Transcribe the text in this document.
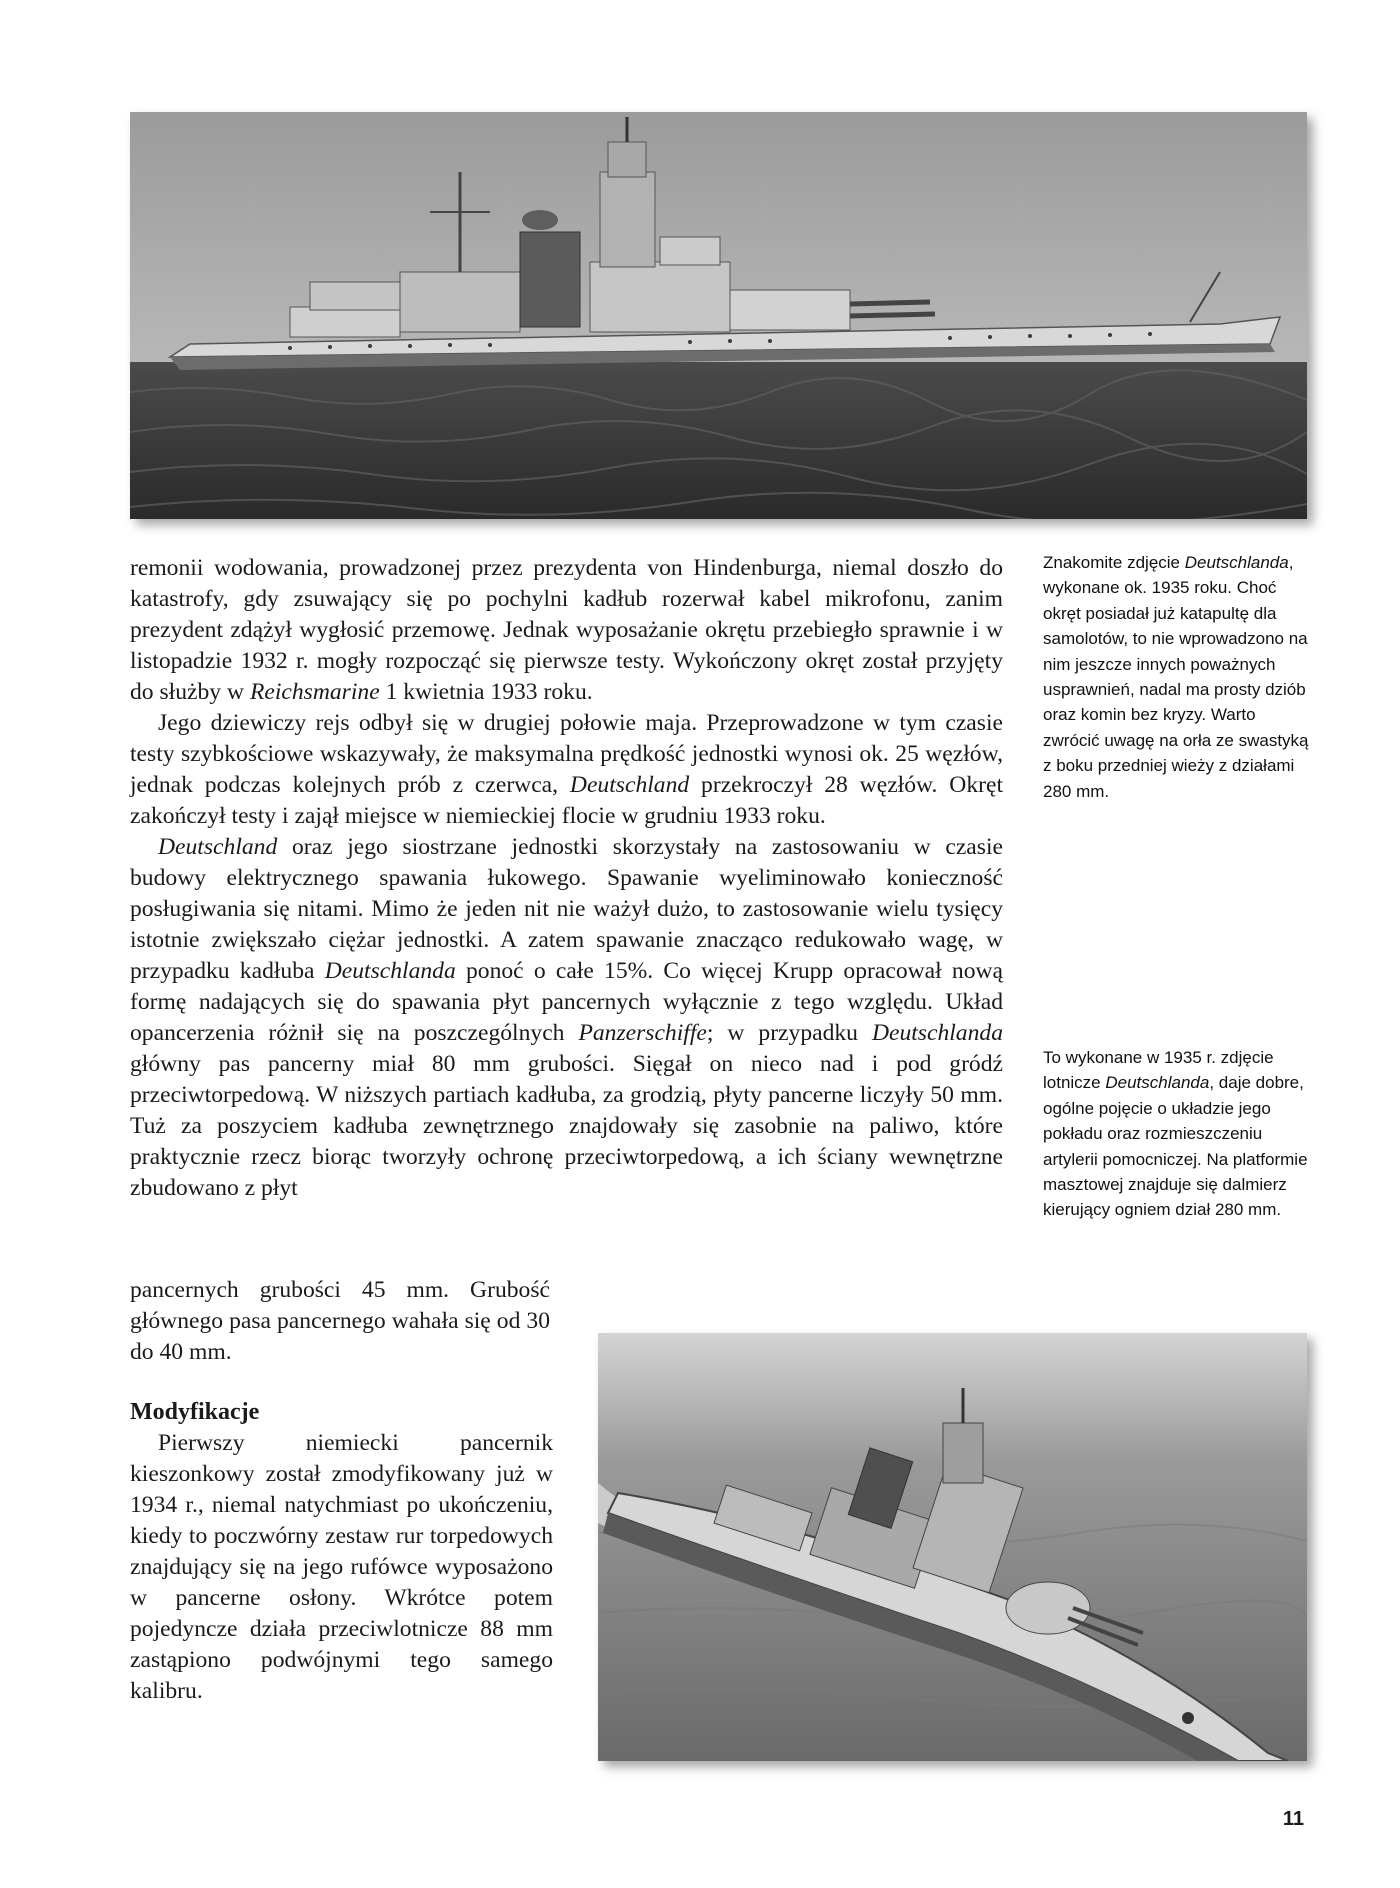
remonii wodowania, prowadzonej przez prezydenta von Hindenburga, niemal doszło do katastrofy, gdy zsuwający się po pochylni kadłub rozerwał kabel mikrofonu, zanim prezydent zdążył wygłosić przemowę. Jednak wyposażanie okrętu przebiegło sprawnie i w listopadzie 1932 r. mogły rozpocząć się pierwsze testy. Wykończony okręt został przyjęty do służby w Reichsmarine 1 kwietnia 1933 roku.

Jego dziewiczy rejs odbył się w drugiej połowie maja. Przeprowadzone w tym czasie testy szybkościowe wskazywały, że maksymalna prędkość jednostki wynosi ok. 25 węzłów, jednak podczas kolejnych prób z czerwca, Deutschland przekroczył 28 węzłów. Okręt zakończył testy i zajął miejsce w niemieckiej flocie w grudniu 1933 roku.

Deutschland oraz jego siostrzane jednostki skorzystały na zastosowaniu w czasie budowy elektrycznego spawania łukowego. Spawanie wyeliminowało konieczność posługiwania się nitami. Mimo że jeden nit nie ważył dużo, to zastosowanie wielu tysięcy istotnie zwiększało ciężar jednostki. A zatem spawanie znacząco redukowało wagę, w przypadku kadłuba Deutschlanda ponoć o całe 15%. Co więcej Krupp opracował nową formę nadających się do spawania płyt pancernych wyłącznie z tego względu. Układ opancerzenia różnił się na poszczególnych Panzerschiffe; w przypadku Deutschlanda główny pas pancerny miał 80 mm grubości. Sięgał on nieco nad i pod gródź przeciwtorpedową. W niższych partiach kadłuba, za grodzią, płyty pancerne liczyły 50 mm. Tuż za poszyciem kadłuba zewnętrznego znajdowały się zasobnie na paliwo, które praktycznie rzecz biorąc tworzyły ochronę przeciwtorpedową, a ich ściany wewnętrzne zbudowano z płyt

pancernych grubości 45 mm. Grubość głównego pasa pancernego wahała się od 30 do 40 mm.

Modyfikacje

Pierwszy niemiecki pancernik kieszonkowy został zmodyfikowany już w 1934 r., niemal natychmiast po ukończeniu, kiedy to poczwórny zestaw rur torpedowych znajdujący się na jego rufówce wyposażono w pancerne osłony. Wkrótce potem pojedyncze działa przeciwlotnicze 88 mm zastąpiono podwójnymi tego samego kalibru.

Znakomite zdjęcie Deutschlanda, wykonane ok. 1935 roku. Choć okręt posiadał już katapultę dla samolotów, to nie wprowadzono na nim jeszcze innych poważnych usprawnień, nadal ma prosty dziób oraz komin bez kryzy. Warto zwrócić uwagę na orła ze swastyką z boku przedniej wieży z działami 280 mm.

To wykonane w 1935 r. zdjęcie lotnicze Deutschlanda, daje dobre, ogólne pojęcie o układzie jego pokładu oraz rozmieszczeniu artylerii pomocniczej. Na platformie masztowej znajduje się dalmierz kierujący ogniem dział 280 mm.

11
